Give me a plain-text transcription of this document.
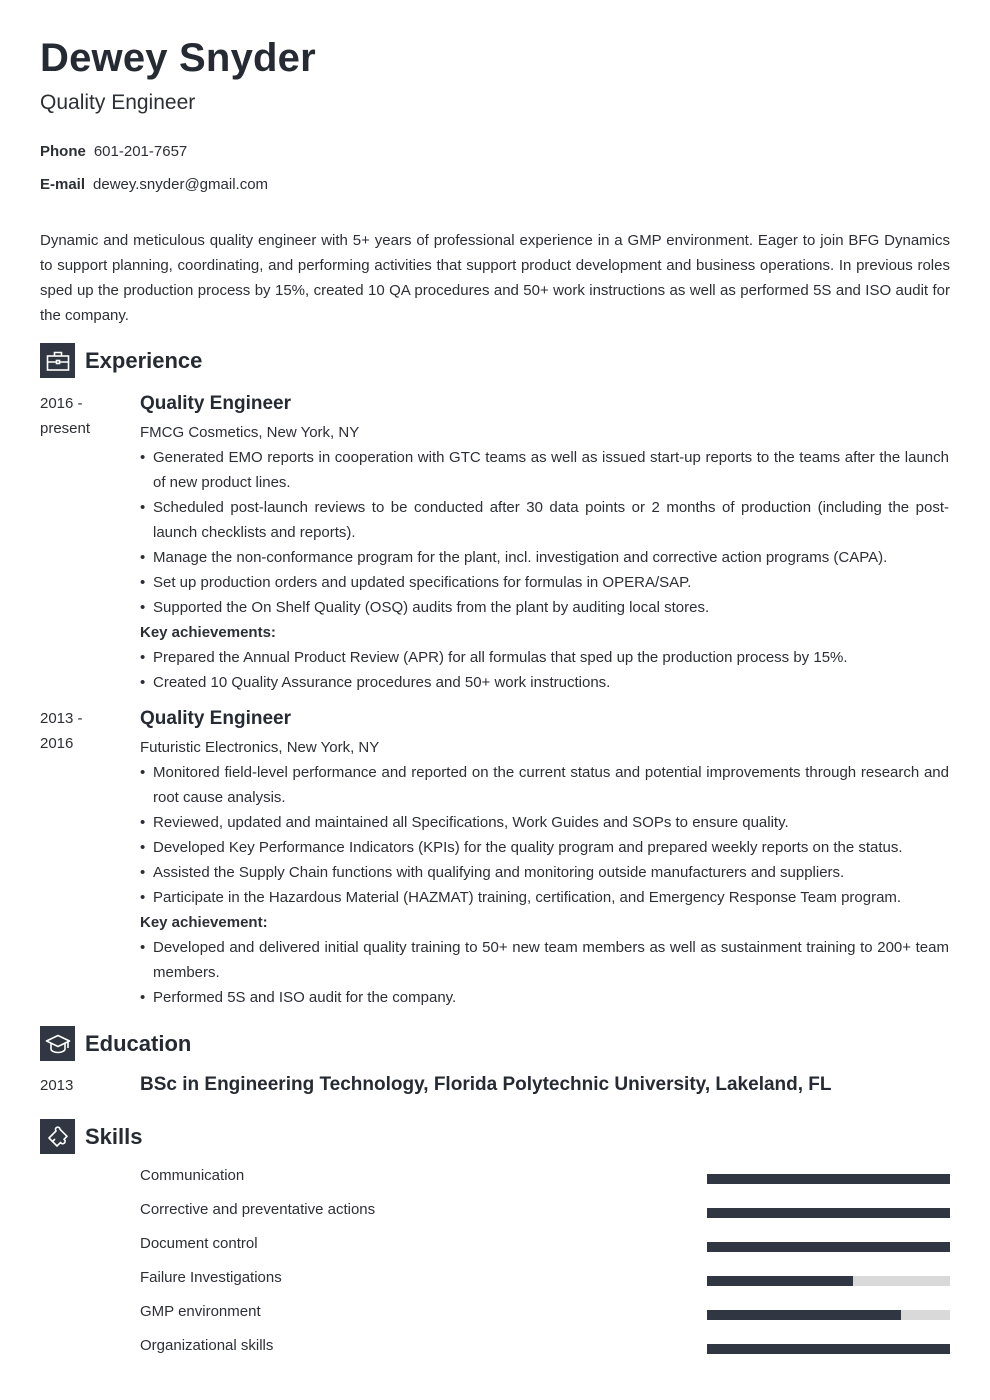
Dewey Snyder
Quality Engineer
Phone 601-201-7657
E-mail dewey.snyder@gmail.com
Dynamic and meticulous quality engineer with 5+ years of professional experience in a GMP environment. Eager to join BFG Dynamics to support planning, coordinating, and performing activities that support product development and business operations. In previous roles sped up the production process by 15%, created 10 QA procedures and 50+ work instructions as well as performed 5S and ISO audit for the company.
Experience
2016 -
present
Quality Engineer
FMCG Cosmetics, New York, NY
• Generated EMO reports in cooperation with GTC teams as well as issued start-up reports to the teams after the launch of new product lines.
• Scheduled post-launch reviews to be conducted after 30 data points or 2 months of production (including the post-launch checklists and reports).
• Manage the non-conformance program for the plant, incl. investigation and corrective action programs (CAPA).
• Set up production orders and updated specifications for formulas in OPERA/SAP.
• Supported the On Shelf Quality (OSQ) audits from the plant by auditing local stores.
Key achievements:
• Prepared the Annual Product Review (APR) for all formulas that sped up the production process by 15%.
• Created 10 Quality Assurance procedures and 50+ work instructions.
2013 -
2016
Quality Engineer
Futuristic Electronics, New York, NY
• Monitored field-level performance and reported on the current status and potential improvements through research and root cause analysis.
• Reviewed, updated and maintained all Specifications, Work Guides and SOPs to ensure quality.
• Developed Key Performance Indicators (KPIs) for the quality program and prepared weekly reports on the status.
• Assisted the Supply Chain functions with qualifying and monitoring outside manufacturers and suppliers.
• Participate in the Hazardous Material (HAZMAT) training, certification, and Emergency Response Team program.
Key achievement:
• Developed and delivered initial quality training to 50+ new team members as well as sustainment training to 200+ team members.
• Performed 5S and ISO audit for the company.
Education
2013	BSc in Engineering Technology, Florida Polytechnic University, Lakeland, FL
Skills
Communication
Corrective and preventative actions
Document control
Failure Investigations
GMP environment
Organizational skills
